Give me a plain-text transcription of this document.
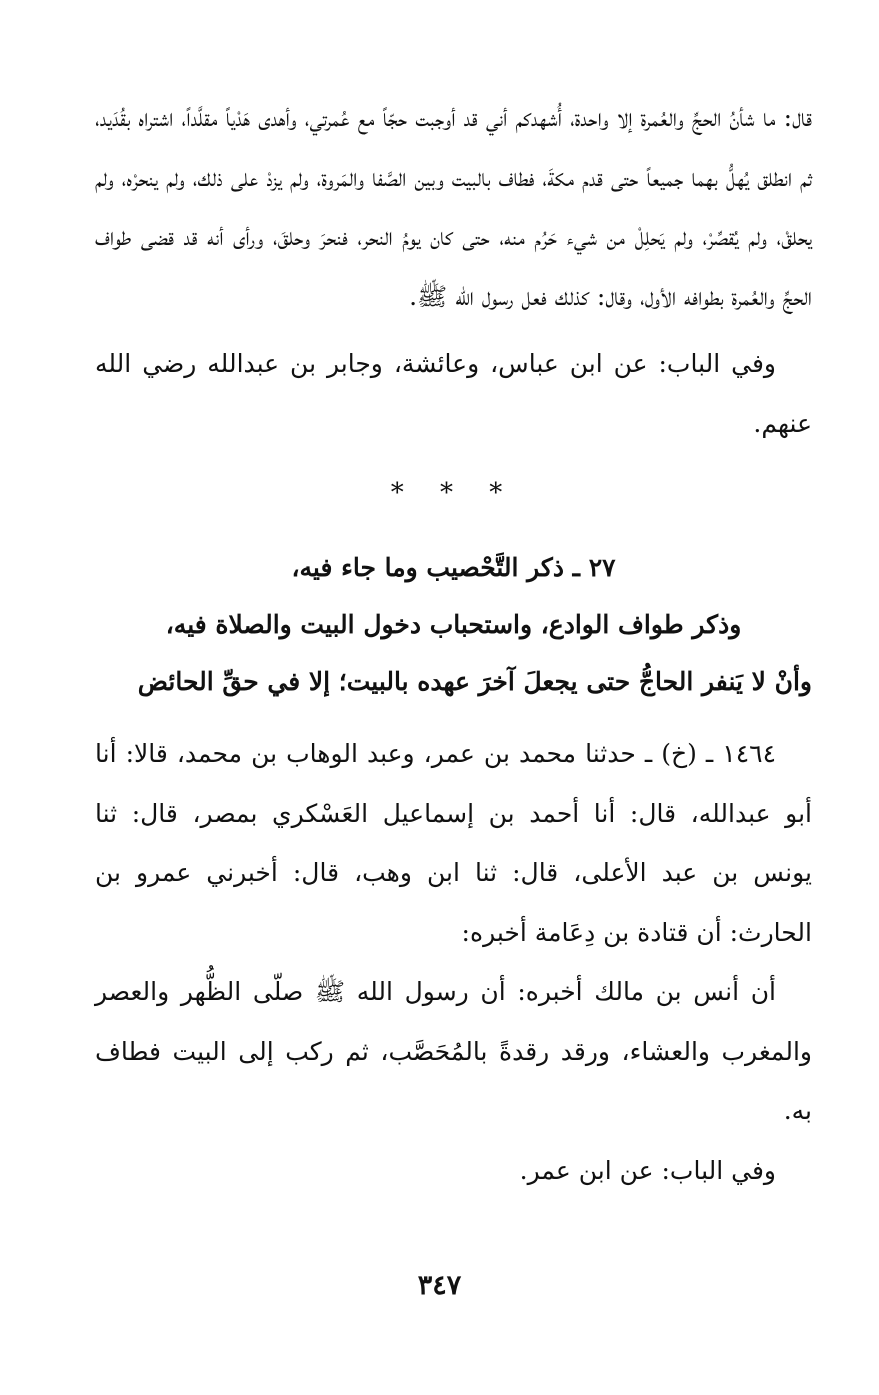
قال: ما شأنُ الحجِّ والعُمرة إلا واحدة، أُشهدكم أني قد أوجبت حجّاً مع عُمرتي، وأهدى هَدْياً مقلَّداً، اشتراه بقُدَيد، ثم انطلق يُهلُّ بهما جميعاً حتى قدم مكةَ، فطاف بالبيت وبين الصَّفا والمَروة، ولم يزدْ على ذلك، ولم ينحرْه، ولم يحلقْ، ولم يُقصِّرْ، ولم يَحلِلْ من شيء حَرُم منه، حتى كان يومُ النحر، فنحرَ وحلقَ، ورأى أنه قد قضى طواف الحجِّ والعُمرة بطوافه الأول، وقال: كذلك فعل رسول الله ﷺ.

وفي الباب: عن ابن عباس، وعائشة، وجابر بن عبدالله رضي الله عنهم.

* * *

٢٧ ـ ذكر التَّحْصيب وما جاء فيه،

وذكر طواف الوادع، واستحباب دخول البيت والصلاة فيه،

وأنْ لا يَنفر الحاجُّ حتى يجعلَ آخرَ عهده بالبيت؛ إلا في حقِّ الحائض

١٤٦٤ ـ (خ) ـ حدثنا محمد بن عمر، وعبد الوهاب بن محمد، قالا: أنا أبو عبدالله، قال: أنا أحمد بن إسماعيل العَسْكري بمصر، قال: ثنا يونس بن عبد الأعلى، قال: ثنا ابن وهب، قال: أخبرني عمرو بن الحارث: أن قتادة بن دِعَامة أخبره:

أن أنس بن مالك أخبره: أن رسول الله ﷺ صلّى الظُّهر والعصر والمغرب والعشاء، ورقد رقدةً بالمُحَصَّب، ثم ركب إلى البيت فطاف به.

وفي الباب: عن ابن عمر.

٣٤٧
